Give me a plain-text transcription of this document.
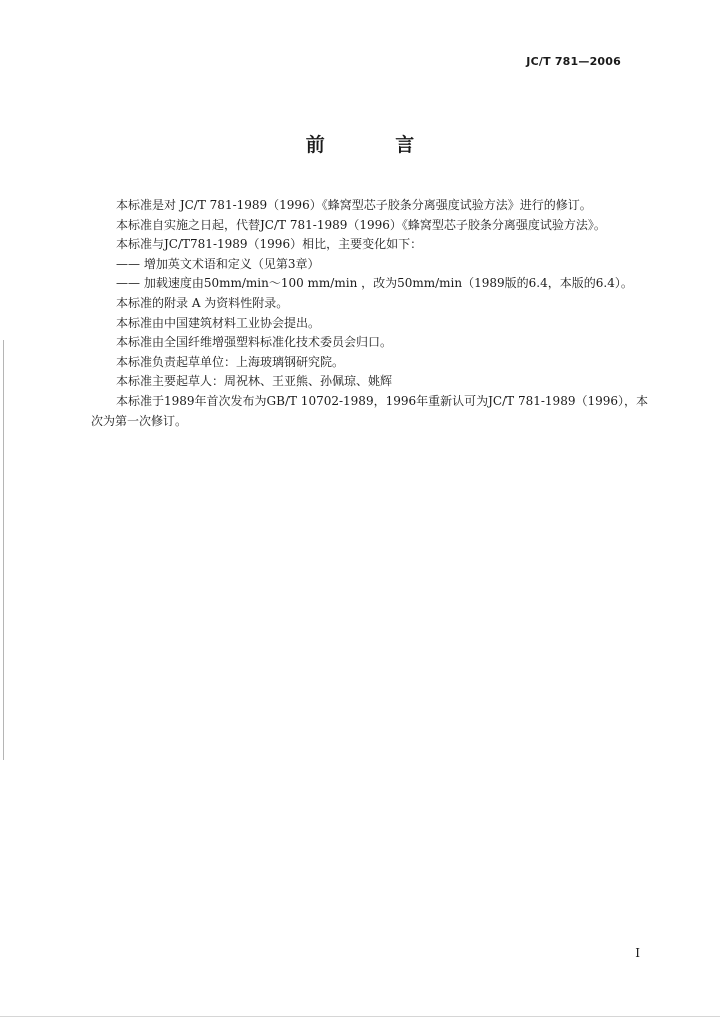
JC/T 781—2006
前 言

本标准是对 JC/T 781-1989（1996）《蜂窝型芯子胶条分离强度试验方法》进行的修订。

本标准自实施之日起，代替JC/T 781-1989（1996）《蜂窝型芯子胶条分离强度试验方法》。

本标准与JC/T781-1989（1996）相比，主要变化如下：

—— 增加英文术语和定义（见第3章）

—— 加载速度由50mm/min～100 mm/min ，改为50mm/min（1989版的6.4，本版的6.4）。

本标准的附录 A 为资料性附录。

本标准由中国建筑材料工业协会提出。

本标准由全国纤维增强塑料标准化技术委员会归口。

本标准负责起草单位：上海玻璃钢研究院。

本标准主要起草人：周祝林、王亚熊、孙佩琼、姚辉

本标准于1989年首次发布为GB/T 10702-1989，1996年重新认可为JC/T 781-1989（1996），本次为第一次修订。

I
